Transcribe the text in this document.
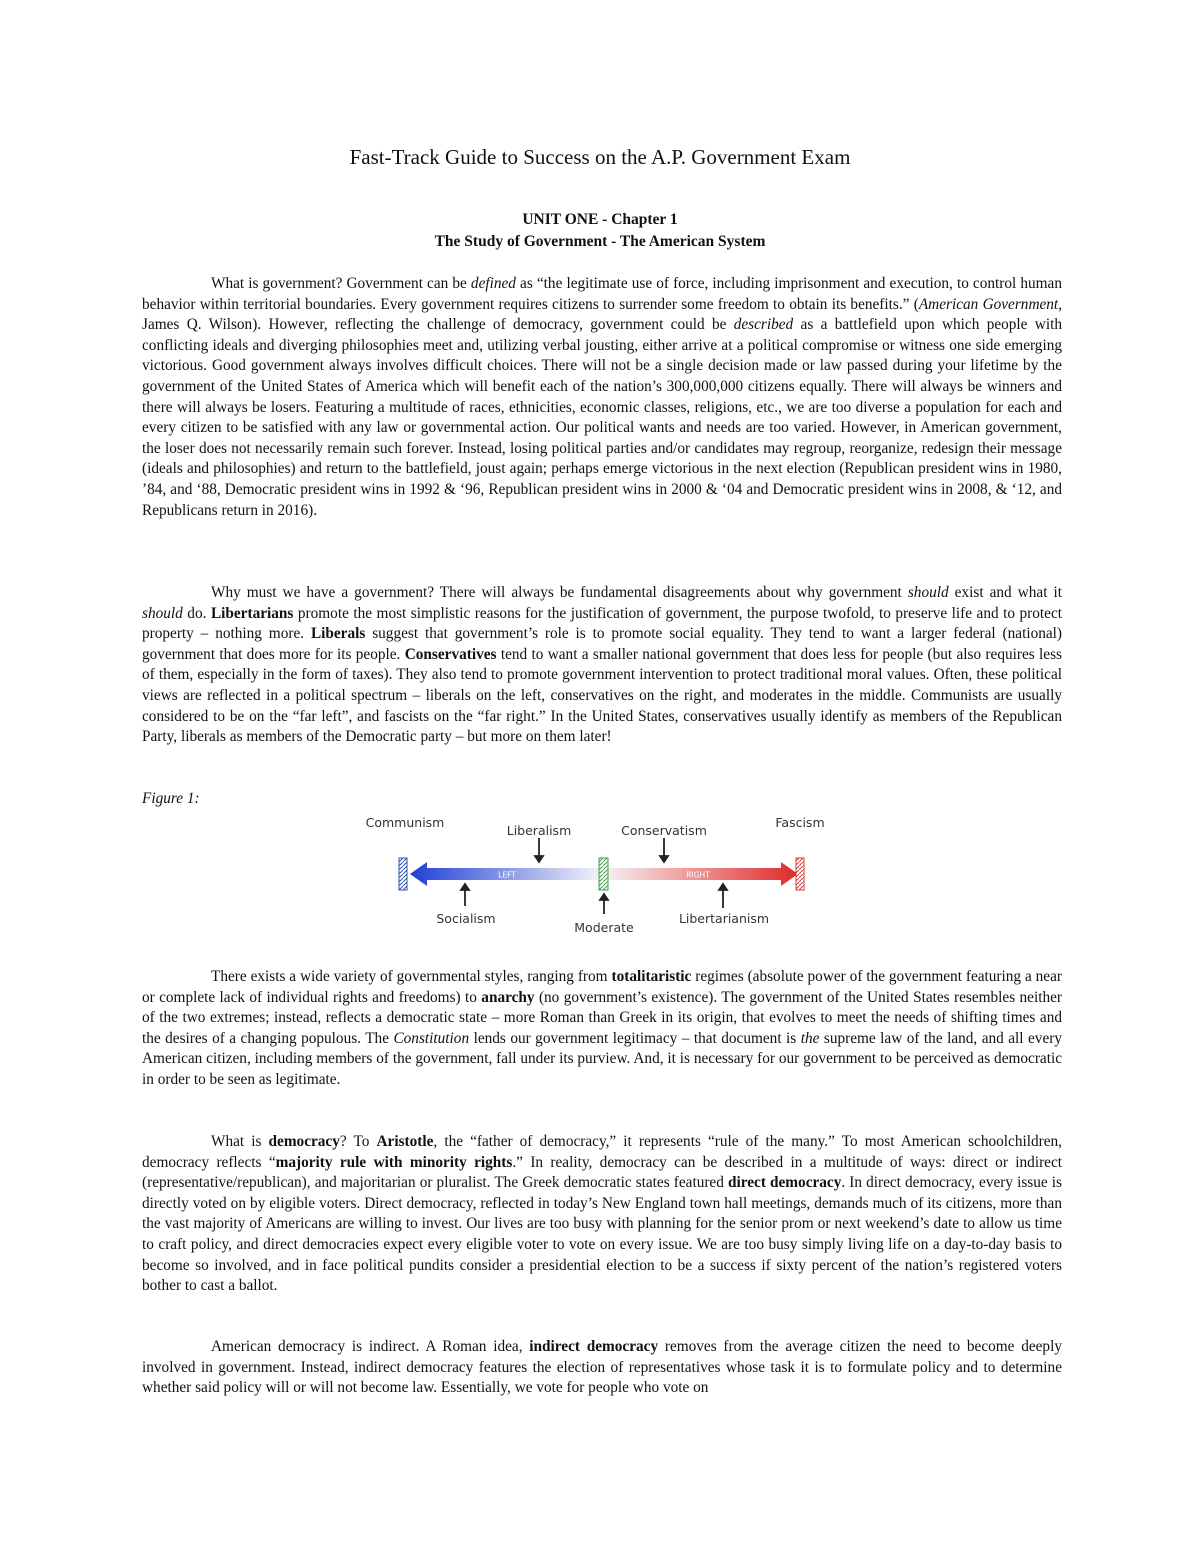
Fast-Track Guide to Success on the A.P. Government Exam
UNIT ONE - Chapter 1
The Study of Government - The American System

What is government? Government can be defined as “the legitimate use of force, including imprisonment and execution, to control human behavior within territorial boundaries. Every government requires citizens to surrender some freedom to obtain its benefits.” (American Government, James Q. Wilson). However, reflecting the challenge of democracy, government could be described as a battlefield upon which people with conflicting ideals and diverging philosophies meet and, utilizing verbal jousting, either arrive at a political compromise or witness one side emerging victorious. Good government always involves difficult choices. There will not be a single decision made or law passed during your lifetime by the government of the United States of America which will benefit each of the nation’s 300,000,000 citizens equally. There will always be winners and there will always be losers. Featuring a multitude of races, ethnicities, economic classes, religions, etc., we are too diverse a population for each and every citizen to be satisfied with any law or governmental action. Our political wants and needs are too varied. However, in American government, the loser does not necessarily remain such forever. Instead, losing political parties and/or candidates may regroup, reorganize, redesign their message (ideals and philosophies) and return to the battlefield, joust again; perhaps emerge victorious in the next election (Republican president wins in 1980, ’84, and ‘88, Democratic president wins in 1992 & ‘96, Republican president wins in 2000 & ‘04 and Democratic president wins in 2008, & ‘12, and Republicans return in 2016).

Why must we have a government? There will always be fundamental disagreements about why government should exist and what it should do. Libertarians promote the most simplistic reasons for the justification of government, the purpose twofold, to preserve life and to protect property – nothing more. Liberals suggest that government’s role is to promote social equality. They tend to want a larger federal (national) government that does more for its people. Conservatives tend to want a smaller national government that does less for people (but also requires less of them, especially in the form of taxes). They also tend to promote government intervention to protect traditional moral values. Often, these political views are reflected in a political spectrum – liberals on the left, conservatives on the right, and moderates in the middle. Communists are usually considered to be on the “far left”, and fascists on the “far right.” In the United States, conservatives usually identify as members of the Republican Party, liberals as members of the Democratic party – but more on them later!

Figure 1:
LEFT	RIGHT
Communism
Liberalism	Conservatism
Fascism
Socialism
Moderate
Libertarianism

There exists a wide variety of governmental styles, ranging from totalitaristic regimes (absolute power of the government featuring a near or complete lack of individual rights and freedoms) to anarchy (no government’s existence). The government of the United States resembles neither of the two extremes; instead, reflects a democratic state – more Roman than Greek in its origin, that evolves to meet the needs of shifting times and the desires of a changing populous. The Constitution lends our government legitimacy – that document is the supreme law of the land, and all every American citizen, including members of the government, fall under its purview. And, it is necessary for our government to be perceived as democratic in order to be seen as legitimate.

What is democracy? To Aristotle, the “father of democracy,” it represents “rule of the many.” To most American schoolchildren, democracy reflects “majority rule with minority rights.” In reality, democracy can be described in a multitude of ways: direct or indirect (representative/republican), and majoritarian or pluralist. The Greek democratic states featured direct democracy. In direct democracy, every issue is directly voted on by eligible voters. Direct democracy, reflected in today’s New England town hall meetings, demands much of its citizens, more than the vast majority of Americans are willing to invest. Our lives are too busy with planning for the senior prom or next weekend’s date to allow us time to craft policy, and direct democracies expect every eligible voter to vote on every issue. We are too busy simply living life on a day-to-day basis to become so involved, and in face political pundits consider a presidential election to be a success if sixty percent of the nation’s registered voters bother to cast a ballot.

American democracy is indirect. A Roman idea, indirect democracy removes from the average citizen the need to become deeply involved in government. Instead, indirect democracy features the election of representatives whose task it is to formulate policy and to determine whether said policy will or will not become law. Essentially, we vote for people who vote on
